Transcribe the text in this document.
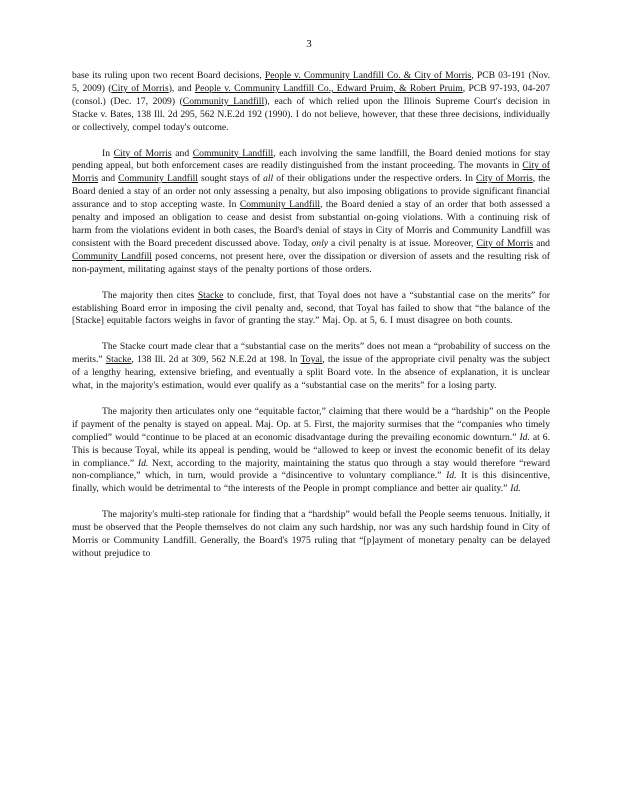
3

base its ruling upon two recent Board decisions, People v. Community Landfill Co. & City of Morris, PCB 03-191 (Nov. 5, 2009) (City of Morris), and People v. Community Landfill Co., Edward Pruim, & Robert Pruim, PCB 97-193, 04-207 (consol.) (Dec. 17, 2009) (Community Landfill), each of which relied upon the Illinois Supreme Court's decision in Stacke v. Bates, 138 Ill. 2d 295, 562 N.E.2d 192 (1990). I do not believe, however, that these three decisions, individually or collectively, compel today's outcome.

In City of Morris and Community Landfill, each involving the same landfill, the Board denied motions for stay pending appeal, but both enforcement cases are readily distinguished from the instant proceeding. The movants in City of Morris and Community Landfill sought stays of all of their obligations under the respective orders. In City of Morris, the Board denied a stay of an order not only assessing a penalty, but also imposing obligations to provide significant financial assurance and to stop accepting waste. In Community Landfill, the Board denied a stay of an order that both assessed a penalty and imposed an obligation to cease and desist from substantial on-going violations. With a continuing risk of harm from the violations evident in both cases, the Board's denial of stays in City of Morris and Community Landfill was consistent with the Board precedent discussed above. Today, only a civil penalty is at issue. Moreover, City of Morris and Community Landfill posed concerns, not present here, over the dissipation or diversion of assets and the resulting risk of non-payment, militating against stays of the penalty portions of those orders.

The majority then cites Stacke to conclude, first, that Toyal does not have a “substantial case on the merits” for establishing Board error in imposing the civil penalty and, second, that Toyal has failed to show that “the balance of the [Stacke] equitable factors weighs in favor of granting the stay.” Maj. Op. at 5, 6. I must disagree on both counts.

The Stacke court made clear that a “substantial case on the merits” does not mean a “probability of success on the merits.” Stacke, 138 Ill. 2d at 309, 562 N.E.2d at 198. In Toyal, the issue of the appropriate civil penalty was the subject of a lengthy hearing, extensive briefing, and eventually a split Board vote. In the absence of explanation, it is unclear what, in the majority's estimation, would ever qualify as a “substantial case on the merits” for a losing party.

The majority then articulates only one “equitable factor,” claiming that there would be a “hardship” on the People if payment of the penalty is stayed on appeal. Maj. Op. at 5. First, the majority surmises that the “companies who timely complied” would “continue to be placed at an economic disadvantage during the prevailing economic downturn.” Id. at 6. This is because Toyal, while its appeal is pending, would be “allowed to keep or invest the economic benefit of its delay in compliance.” Id. Next, according to the majority, maintaining the status quo through a stay would therefore “reward non-compliance,” which, in turn, would provide a “disincentive to voluntary compliance.” Id. It is this disincentive, finally, which would be detrimental to “the interests of the People in prompt compliance and better air quality.” Id.

The majority's multi-step rationale for finding that a “hardship” would befall the People seems tenuous. Initially, it must be observed that the People themselves do not claim any such hardship, nor was any such hardship found in City of Morris or Community Landfill. Generally, the Board's 1975 ruling that “[p]ayment of monetary penalty can be delayed without prejudice to
